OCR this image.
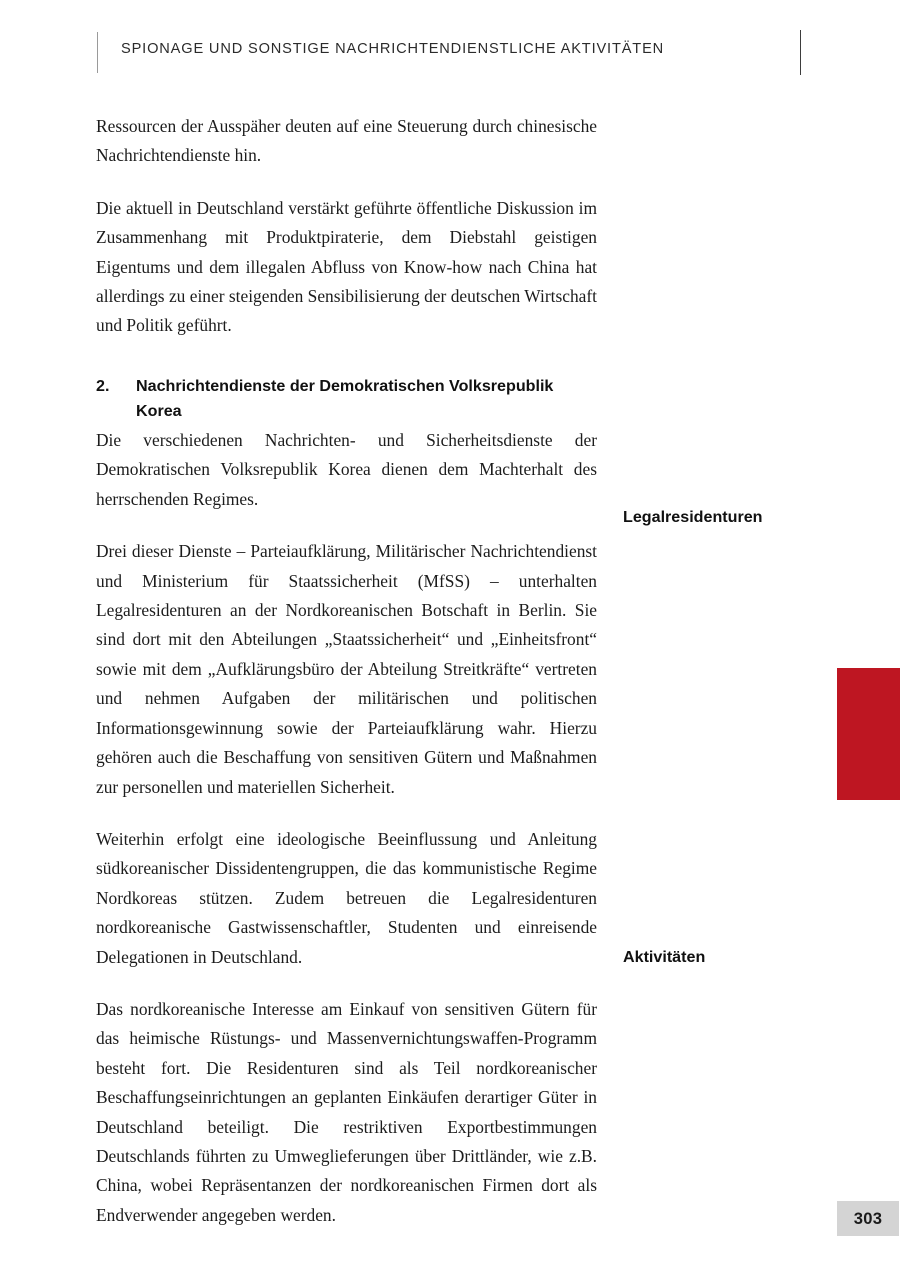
SPIONAGE UND SONSTIGE NACHRICHTENDIENSTLICHE AKTIVITÄTEN

Ressourcen der Ausspäher deuten auf eine Steuerung durch chinesische Nachrichtendienste hin.

Die aktuell in Deutschland verstärkt geführte öffentliche Diskussion im Zusammenhang mit Produktpiraterie, dem Diebstahl geistigen Eigentums und dem illegalen Abfluss von Know-how nach China hat allerdings zu einer steigenden Sensibilisierung der deutschen Wirtschaft und Politik geführt.

2. Nachrichtendienste der Demokratischen Volksrepublik Korea

Die verschiedenen Nachrichten- und Sicherheitsdienste der Demokratischen Volksrepublik Korea dienen dem Machterhalt des herrschenden Regimes.

Drei dieser Dienste – Parteiaufklärung, Militärischer Nachrichtendienst und Ministerium für Staatssicherheit (MfSS) – unterhalten Legalresidenturen an der Nordkoreanischen Botschaft in Berlin. Sie sind dort mit den Abteilungen „Staatssicherheit“ und „Einheitsfront“ sowie mit dem „Aufklärungsbüro der Abteilung Streitkräfte“ vertreten und nehmen Aufgaben der militärischen und politischen Informationsgewinnung sowie der Parteiaufklärung wahr. Hierzu gehören auch die Beschaffung von sensitiven Gütern und Maßnahmen zur personellen und materiellen Sicherheit.

Weiterhin erfolgt eine ideologische Beeinflussung und Anleitung südkoreanischer Dissidentengruppen, die das kommunistische Regime Nordkoreas stützen. Zudem betreuen die Legalresidenturen nordkoreanische Gastwissenschaftler, Studenten und einreisende Delegationen in Deutschland.

Das nordkoreanische Interesse am Einkauf von sensitiven Gütern für das heimische Rüstungs- und Massenvernichtungswaffen-Programm besteht fort. Die Residenturen sind als Teil nordkoreanischer Beschaffungseinrichtungen an geplanten Einkäufen derartiger Güter in Deutschland beteiligt. Die restriktiven Exportbestimmungen Deutschlands führten zu Umweglieferungen über Drittländer, wie z.B. China, wobei Repräsentanzen der nordkoreanischen Firmen dort als Endverwender angegeben werden.

Legalresidenturen
Aktivitäten
303
